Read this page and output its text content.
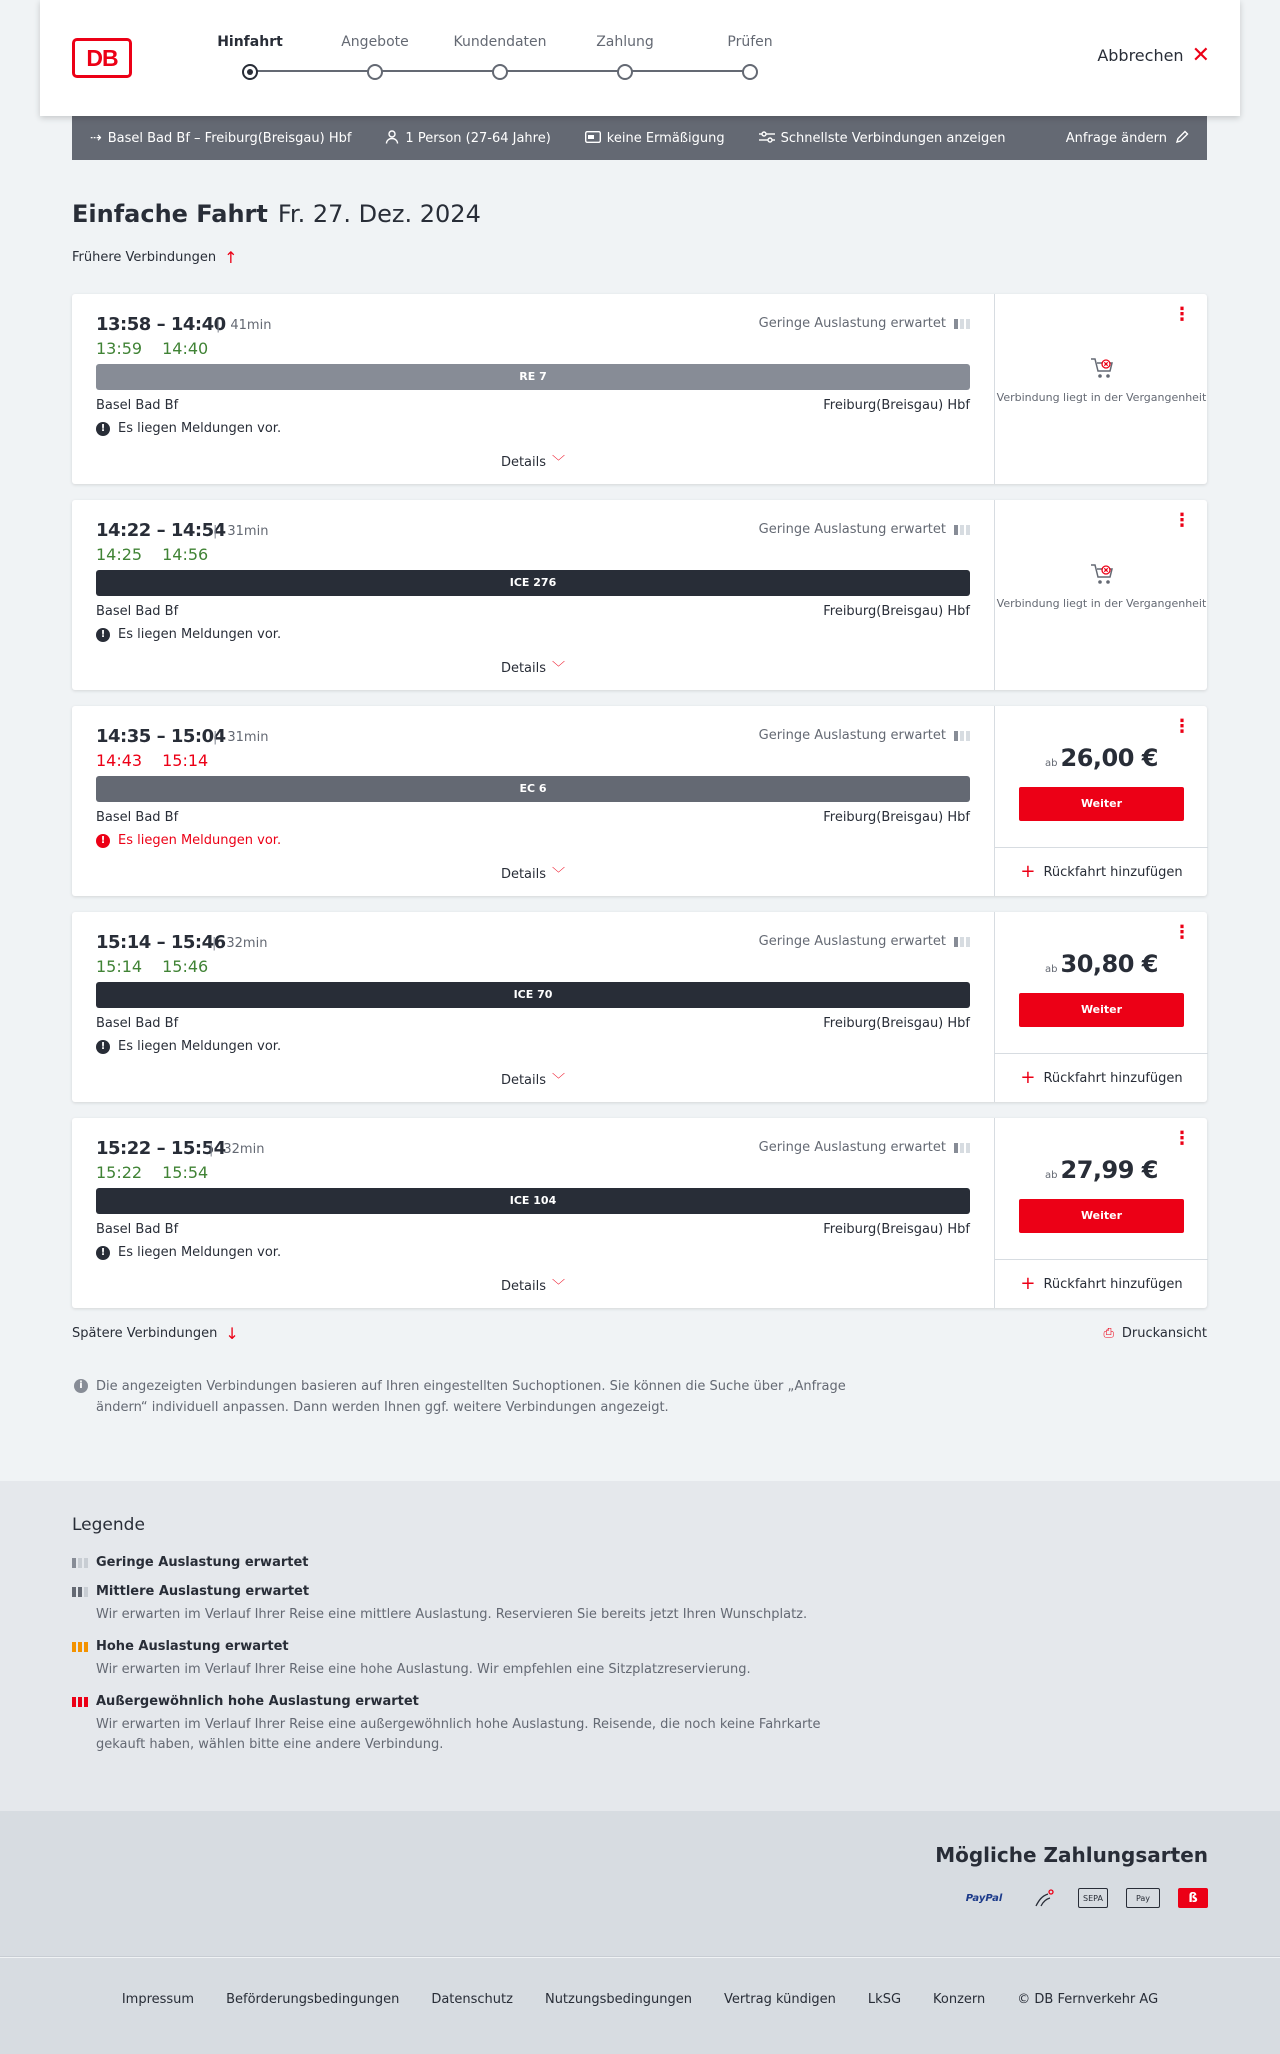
DB
Hinfahrt	Angebote	Kundendaten	Zahlung	Prüfen
Abbrechen ✕
⇢ Basel Bad Bf – Freiburg(Breisgau) Hbf	1 Person (27-64 Jahre)	keine Ermäßigung	Schnellste Verbindungen anzeigen	Anfrage ändern
Einfache Fahrt Fr. 27. Dez. 2024
Frühere Verbindungen ↑
13:58 – 14:40 | 41min	Geringe Auslastung erwartet
13:59 14:40
RE 7
Basel Bad Bf	Freiburg(Breisgau) Hbf
! Es liegen Meldungen vor.
Details ﹀
⋮
Verbindung liegt in der Vergangenheit
14:22 – 14:54 | 31min	Geringe Auslastung erwartet
14:25 14:56
ICE 276
Basel Bad Bf	Freiburg(Breisgau) Hbf
! Es liegen Meldungen vor.
Details ﹀
⋮
Verbindung liegt in der Vergangenheit
14:35 – 15:04 | 31min	Geringe Auslastung erwartet
14:43 15:14
EC 6
Basel Bad Bf	Freiburg(Breisgau) Hbf
! Es liegen Meldungen vor.
Details ﹀
⋮
ab 26,00 €
Weiter
+ Rückfahrt hinzufügen
15:14 – 15:46 | 32min	Geringe Auslastung erwartet
15:14 15:46
ICE 70
Basel Bad Bf	Freiburg(Breisgau) Hbf
! Es liegen Meldungen vor.
Details ﹀
⋮
ab 30,80 €
Weiter
+ Rückfahrt hinzufügen
15:22 – 15:54
| 32min	Geringe Auslastung erwartet
15:22 15:54
ICE 104
Basel Bad Bf	Freiburg(Breisgau) Hbf
! Es liegen Meldungen vor.
Details ﹀
⋮
ab 27,99 €
Weiter
+ Rückfahrt hinzufügen
Spätere Verbindungen ↓	⎙ Druckansicht
i	Die angezeigten Verbindungen basieren auf Ihren eingestellten Suchoptionen. Sie können die Suche über „Anfrage ändern“ individuell anpassen. Dann werden Ihnen ggf. weitere Verbindungen angezeigt.
Legende
Geringe Auslastung erwartet
Mittlere Auslastung erwartet
Wir erwarten im Verlauf Ihrer Reise eine mittlere Auslastung. Reservieren Sie bereits jetzt Ihren Wunschplatz.
Hohe Auslastung erwartet
Wir erwarten im Verlauf Ihrer Reise eine hohe Auslastung. Wir empfehlen eine Sitzplatzreservierung.
Außergewöhnlich hohe Auslastung erwartet
Wir erwarten im Verlauf Ihrer Reise eine außergewöhnlich hohe Auslastung. Reisende, die noch keine Fahrkarte gekauft haben, wählen bitte eine andere Verbindung.
Mögliche Zahlungsarten
PayPal	SEPA	Pay	ß
Impressum Beförderungsbedingungen Datenschutz Nutzungsbedingungen Vertrag kündigen LkSG Konzern © DB Fernverkehr AG
